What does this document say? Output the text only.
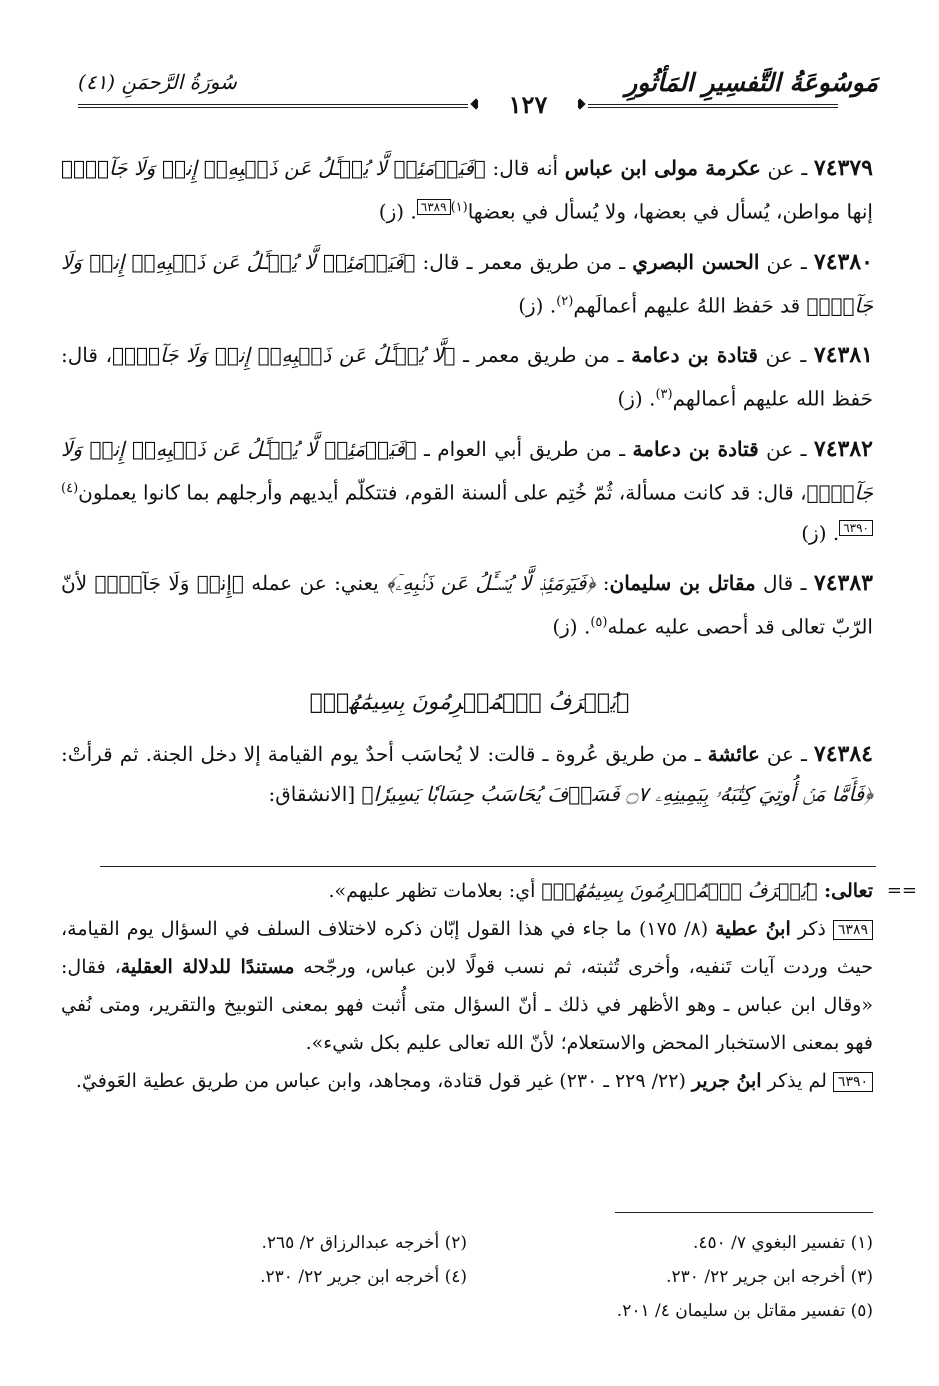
مَوسُوعَةُ التَّفسِيرِ المَأثُورِ
سُورَةُ الرَّحمَنِ (٤١)
١٢٧

٧٤٣٧٩ ـ عن عكرمة مولى ابن عباس أنه قال: ﴿فَيَوۡمَئِذٖ لَّا يُسۡـَٔلُ عَن ذَنۢبِهِۦٓ إِنسٞ وَلَا جَآنّٞ﴾ إنها مواطن، يُسأل في بعضها، ولا يُسأل في بعضها$^{(١)}$٦٣٨٩. (ز)

٧٤٣٨٠ ـ عن الحسن البصري ـ من طريق معمر ـ قال: ﴿فَيَوۡمَئِذٖ لَّا يُسۡـَٔلُ عَن ذَنۢبِهِۦٓ إِنسٞ وَلَا جَآنّٞ﴾ قد حَفظ اللهُ عليهم أعمالَهم$^{(٢)}$. (ز)

٧٤٣٨١ ـ عن قتادة بن دعامة ـ من طريق معمر ـ ﴿لَّا يُسۡـَٔلُ عَن ذَنۢبِهِۦٓ إِنسٞ وَلَا جَآنّٞ﴾، قال: حَفظ الله عليهم أعمالهم$^{(٣)}$. (ز)

٧٤٣٨٢ ـ عن قتادة بن دعامة ـ من طريق أبي العوام ـ ﴿فَيَوۡمَئِذٖ لَّا يُسۡـَٔلُ عَن ذَنۢبِهِۦٓ إِنسٞ وَلَا جَآنّٞ﴾، قال: قد كانت مسألة، ثُمّ خُتِم على ألسنة القوم، فتتكلّم أيديهم وأرجلهم بما كانوا يعملون$^{(٤)}$٦٣٩٠. (ز)

٧٤٣٨٣ ـ قال مقاتل بن سليمان: ﴿فَيَوۡمَئِذٖ لَّا يُسۡـَٔلُ عَن ذَنۢبِهِۦٓ﴾ يعني: عن عمله ﴿إِنسٞ وَلَا جَآنّٞ﴾ لأنّ الرّبّ تعالى قد أحصى عليه عمله$^{(٥)}$. (ز)

﴿يُعۡرَفُ ٱلۡمُجۡرِمُونَ بِسِيمَٰهُمۡ﴾

٧٤٣٨٤ ـ عن عائشة ـ من طريق عُروة ـ قالت: لا يُحاسَب أحدٌ يوم القيامة إلا دخل الجنة. ثم قرأتْ: ﴿فَأَمَّا مَنۡ أُوتِيَ كِتَٰبَهُۥ بِيَمِينِهِۦ ۝٧ فَسَوۡفَ يُحَاسَبُ حِسَابٗا يَسِيرٗا﴾ [الانشقاق:

==
تعالى: ﴿يُعۡرَفُ ٱلۡمُجۡرِمُونَ بِسِيمَٰهُمۡ﴾ أي: بعلامات تظهر عليهم».

٦٣٨٩ ذكر ابنُ عطية (٨/ ١٧٥) ما جاء في هذا القول إبّان ذكره لاختلاف السلف في السؤال يوم القيامة، حيث وردت آيات تَنفيه، وأخرى تُثبته، ثم نسب قولًا لابن عباس، ورجّحه مستندًا للدلالة العقلية، فقال: «وقال ابن عباس ـ وهو الأظهر في ذلك ـ أنّ السؤال متى أُثبت فهو بمعنى التوبيخ والتقرير، ومتى نُفي فهو بمعنى الاستخبار المحض والاستعلام؛ لأنّ الله تعالى عليم بكل شيء».

٦٣٩٠ لم يذكر ابنُ جرير (٢٢/ ٢٢٩ ـ ٢٣٠) غير قول قتادة، ومجاهد، وابن عباس من طريق عطية العَوفيّ.

(١) تفسير البغوي ٧/ ٤٥٠.
(٢) أخرجه عبدالرزاق ٢/ ٢٦٥.
(٣) أخرجه ابن جرير ٢٢/ ٢٣٠.
(٤) أخرجه ابن جرير ٢٢/ ٢٣٠.
(٥) تفسير مقاتل بن سليمان ٤/ ٢٠١.
